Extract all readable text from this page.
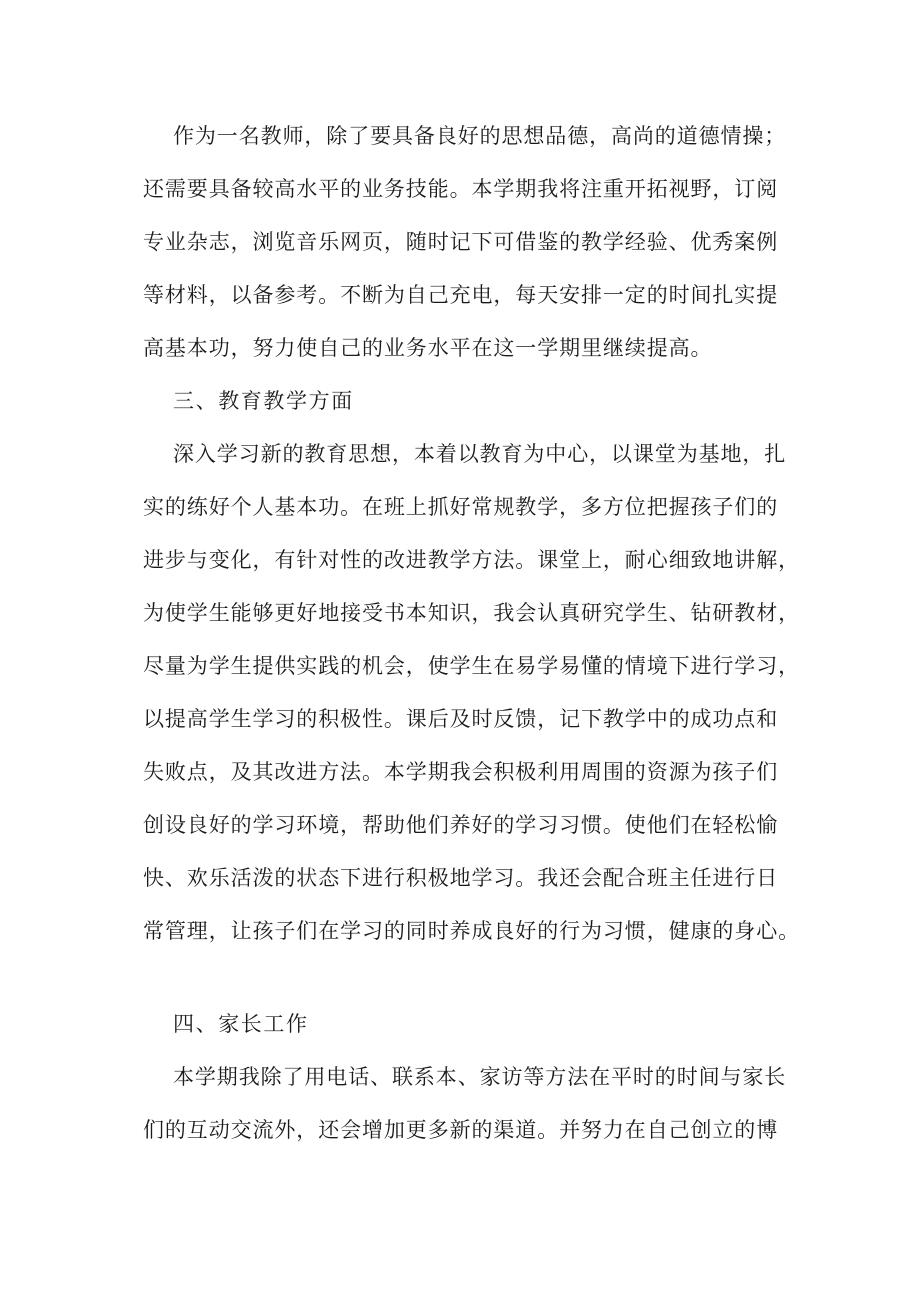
作为一名教师，除了要具备良好的思想品德，高尚的道德情操；

还需要具备较高水平的业务技能。本学期我将注重开拓视野，订阅

专业杂志，浏览音乐网页，随时记下可借鉴的教学经验、优秀案例

等材料，以备参考。不断为自己充电，每天安排一定的时间扎实提

高基本功，努力使自己的业务水平在这一学期里继续提高。

三、教育教学方面

深入学习新的教育思想，本着以教育为中心，以课堂为基地，扎

实的练好个人基本功。在班上抓好常规教学，多方位把握孩子们的

进步与变化，有针对性的改进教学方法。课堂上，耐心细致地讲解，

为使学生能够更好地接受书本知识，我会认真研究学生、钻研教材，

尽量为学生提供实践的机会，使学生在易学易懂的情境下进行学习，

以提高学生学习的积极性。课后及时反馈，记下教学中的成功点和

失败点，及其改进方法。本学期我会积极利用周围的资源为孩子们

创设良好的学习环境，帮助他们养好的学习习惯。使他们在轻松愉

快、欢乐活泼的状态下进行积极地学习。我还会配合班主任进行日

常管理，让孩子们在学习的同时养成良好的行为习惯，健康的身心。

四、家长工作

本学期我除了用电话、联系本、家访等方法在平时的时间与家长

们的互动交流外，还会增加更多新的渠道。并努力在自己创立的博
